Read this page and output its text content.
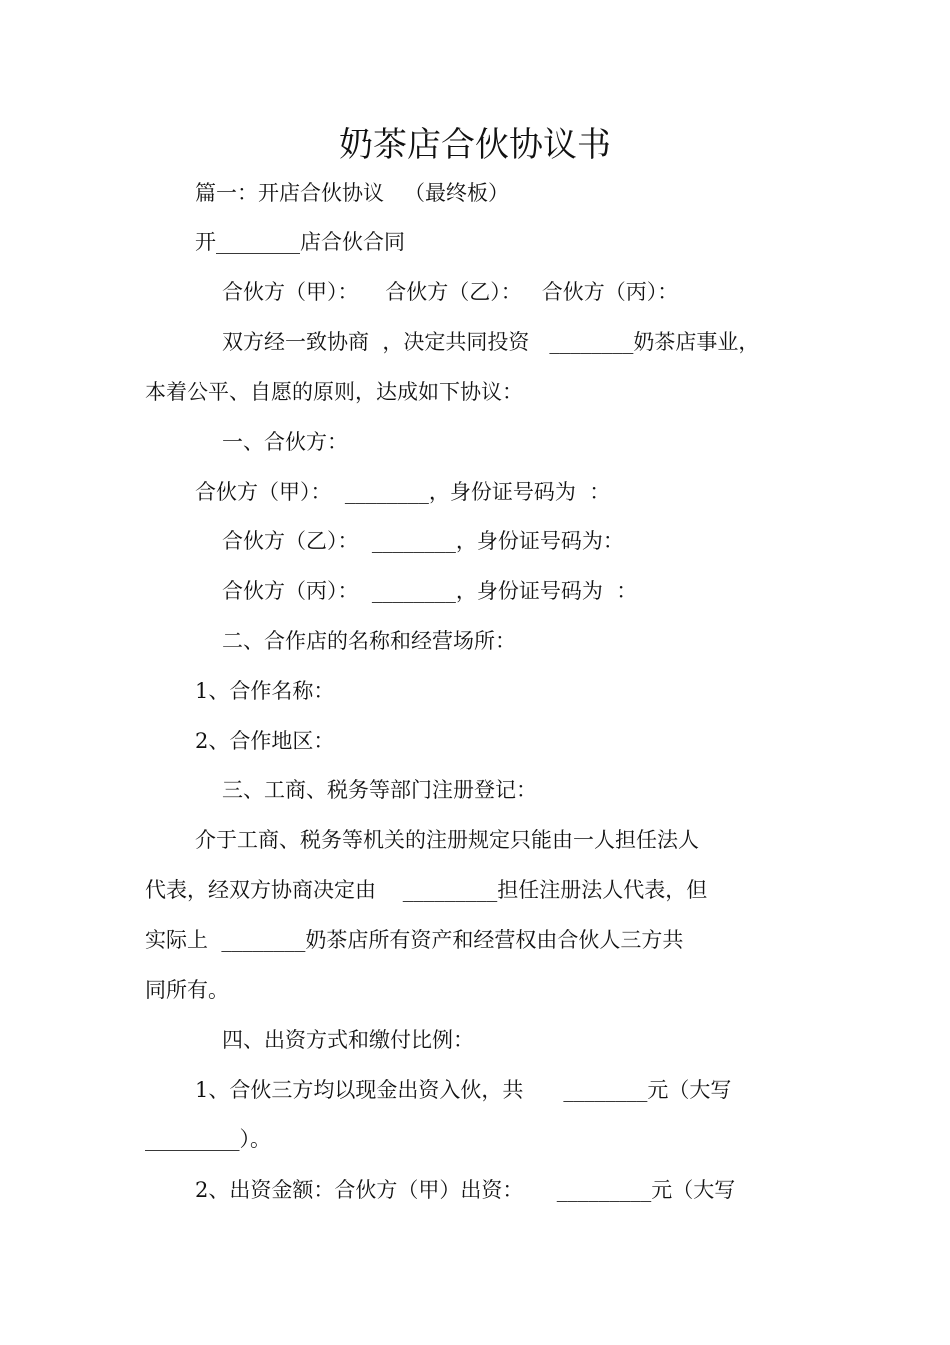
奶茶店合伙协议书
篇一：开店合伙协议   （最终板）
开________店合伙合同
合伙方（甲）：    合伙方（乙）：   合伙方（丙）：
双方经一致协商  ，决定共同投资   ________奶茶店事业，
本着公平、自愿的原则，达成如下协议：
一、合伙方：
合伙方（甲）：  ________，身份证号码为  ：
合伙方（乙）：  ________，身份证号码为：
合伙方（丙）：  ________，身份证号码为  ：
二、合作店的名称和经营场所：
1、合作名称：
2、合作地区：
三、工商、税务等部门注册登记：
介于工商、税务等机关的注册规定只能由一人担任法人
代表，经双方协商决定由    _________担任注册法人代表，但
实际上  ________奶茶店所有资产和经营权由合伙人三方共
同所有。
四、出资方式和缴付比例：
1、合伙三方均以现金出资入伙，共      ________元（大写
_________）。
2、出资金额：合伙方（甲）出资：     _________元（大写
